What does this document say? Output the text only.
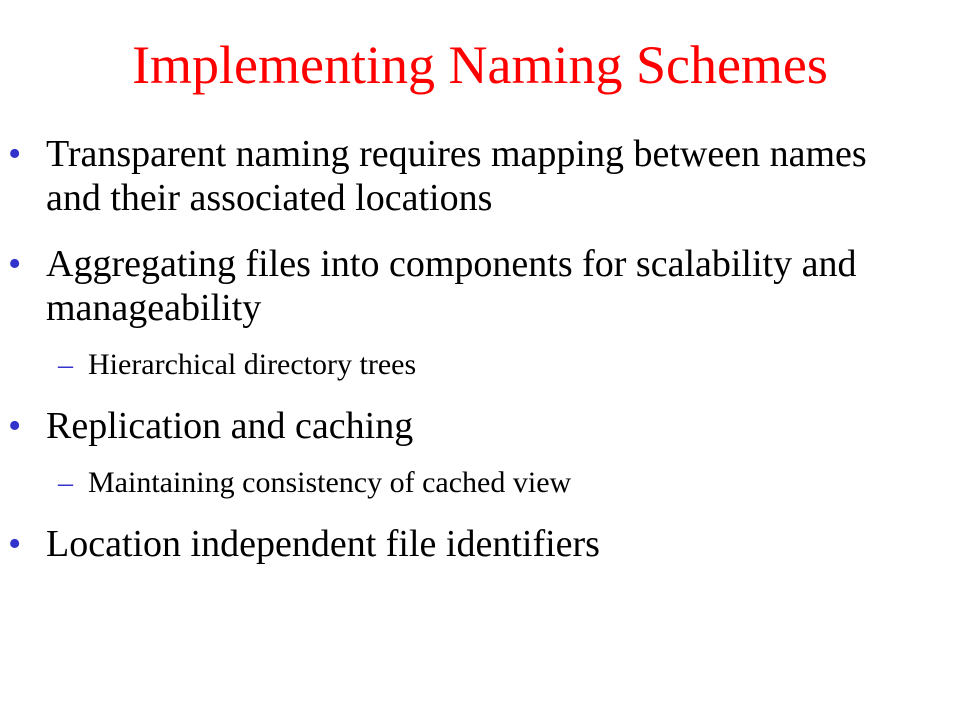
Implementing Naming Schemes
• Transparent naming requires mapping between names and their associated locations
• Aggregating files into components for scalability and manageability
– Hierarchical directory trees
• Replication and caching
– Maintaining consistency of cached view
• Location independent file identifiers
